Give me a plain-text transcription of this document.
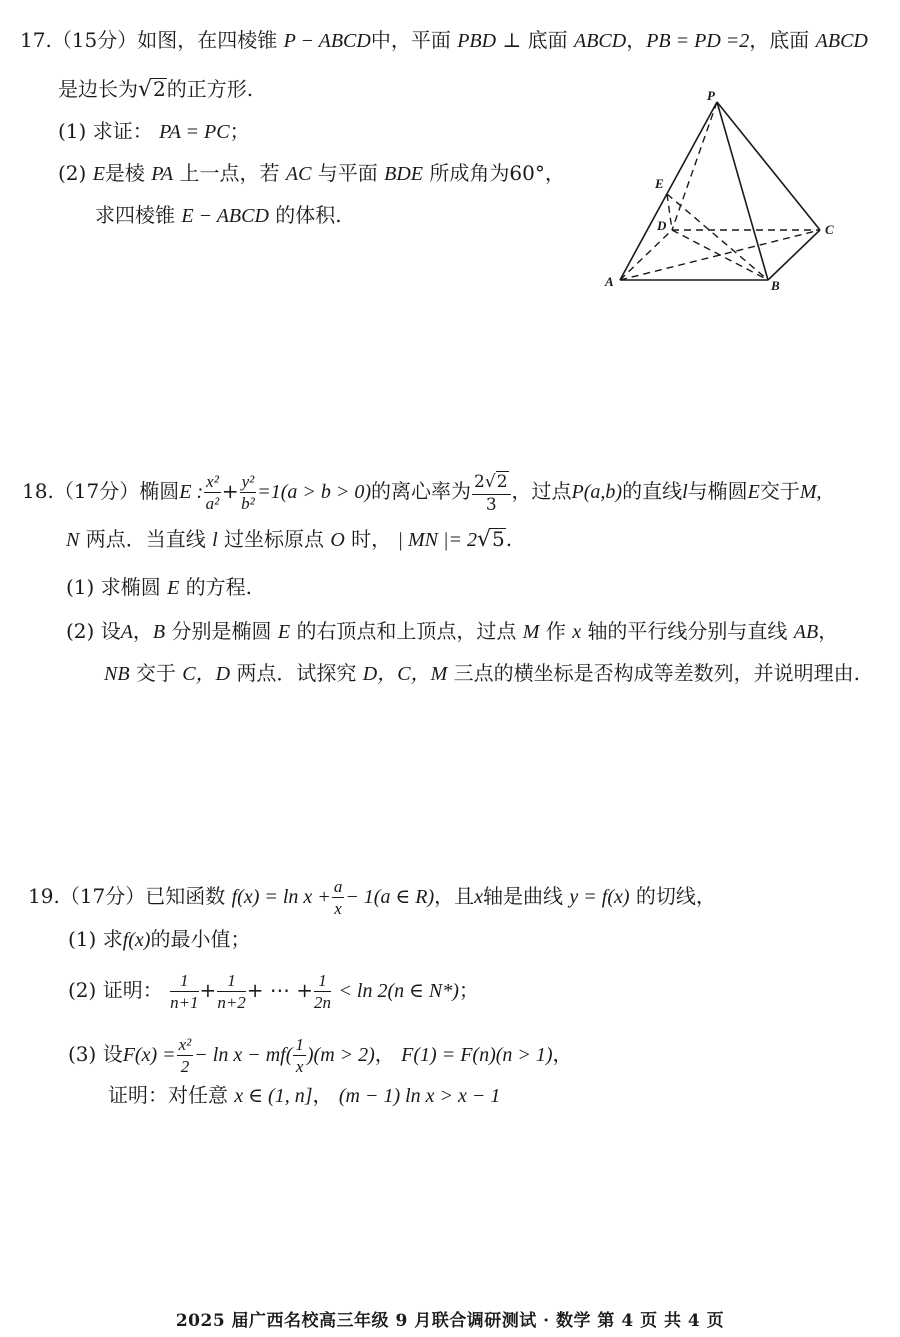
17.（15分）如图，在四棱锥 P − ABCD中，平面 PBD ⊥ 底面 ABCD，PB = PD =2，底面 ABCD
是边长为√2的正方形.
(1) 求证： PA = PC；
(2) E是棱 PA 上一点，若 AC 与平面 BDE 所成角为60°，
求四棱锥 E − ABCD 的体积.
P
E
D	C
A	B
18.（17分）椭圆E : $\frac{\text{x²}}{\text{a²}} + \frac{\text{y²}}{\text{b²}} =1(a > b > 0)$的离心率为 $\frac{2√2}{3}$ ，过点P(a,b)的直线l与椭圆E交于M,
N 两点．当直线 l 过坐标原点 O 时， | MN |= 2√5.
(1) 求椭圆 E 的方程.
(2) 设A，B 分别是椭圆 E 的右顶点和上顶点，过点 M 作 x 轴的平行线分别与直线 AB，
NB 交于 C，D 两点．试探究 D，C，M 三点的横坐标是否构成等差数列，并说明理由.
19.（17分）已知函数 $f(x) = \ln x + \frac{a}{x} - 1(a$ ∈ R)，且x轴是曲线 y = f(x) 的切线，
(1) 求f(x)的最小值；
(2) 证明： $\frac{1}{n+1} + \frac{1}{n+2}$ + ⋯ + $\frac{1}{2n} < \ln 2(n$ ∈ N*)；
(3) 设$F(x) = \frac{\text{x²}}{2} - \ln x - mf( \frac{1}{x} )(m > 2)$， F(1) = F(n)(n > 1)，
证明：对任意 x ∈ (1, n]， (m − 1) ln x > x − 1
2025 届广西名校高三年级 9 月联合调研测试 · 数学 第 4 页 共 4 页
